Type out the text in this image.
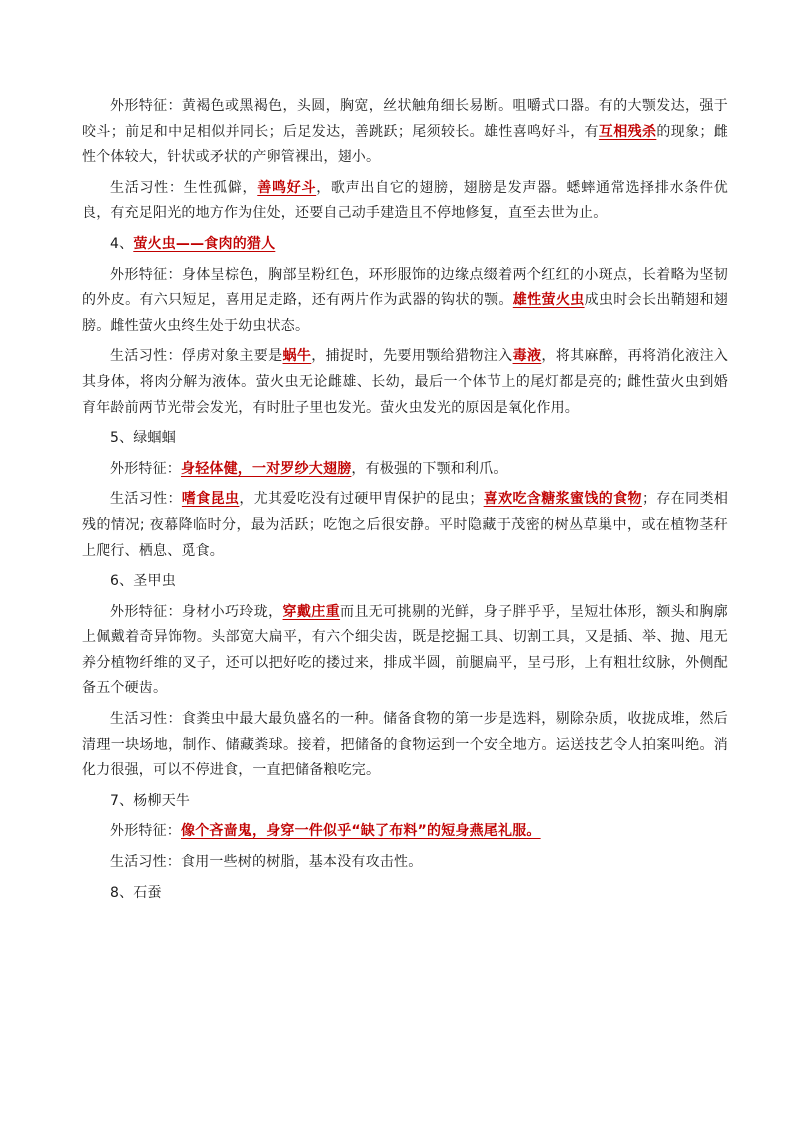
外形特征：黄褐色或黑褐色，头圆，胸宽，丝状触角细长易断。咀嚼式口器。有的大颚发达，强于咬斗；前足和中足相似并同长；后足发达，善跳跃；尾须较长。雄性喜鸣好斗，有互相残杀的现象；雌性个体较大，针状或矛状的产卵管裸出，翅小。

生活习性：生性孤僻，善鸣好斗，歌声出自它的翅膀，翅膀是发声器。蟋蟀通常选择排水条件优良，有充足阳光的地方作为住处，还要自己动手建造且不停地修复，直至去世为止。

4、萤火虫——食肉的猎人

外形特征：身体呈棕色，胸部呈粉红色，环形服饰的边缘点缀着两个红红的小斑点，长着略为坚韧的外皮。有六只短足，喜用足走路，还有两片作为武器的钩状的颚。雄性萤火虫成虫时会长出鞘翅和翅膀。雌性萤火虫终生处于幼虫状态。

生活习性：俘虏对象主要是蜗牛，捕捉时，先要用颚给猎物注入毒液，将其麻醉，再将消化液注入其身体，将肉分解为液体。萤火虫无论雌雄、长幼，最后一个体节上的尾灯都是亮的; 雌性萤火虫到婚育年龄前两节光带会发光，有时肚子里也发光。萤火虫发光的原因是氧化作用。

5、绿蝈蝈

外形特征：身轻体健，一对罗纱大翅膀，有极强的下颚和利爪。

生活习性：嗜食昆虫，尤其爱吃没有过硬甲胄保护的昆虫；喜欢吃含糖浆蜜饯的食物；存在同类相残的情况; 夜幕降临时分，最为活跃；吃饱之后很安静。平时隐藏于茂密的树丛草巢中，或在植物茎秆上爬行、栖息、觅食。

6、圣甲虫

外形特征：身材小巧玲珑，穿戴庄重而且无可挑剔的光鲜，身子胖乎乎，呈短壮体形，额头和胸廓上佩戴着奇异饰物。头部宽大扁平，有六个细尖齿，既是挖掘工具、切割工具，又是插、举、抛、甩无养分植物纤维的叉子，还可以把好吃的搂过来，排成半圆，前腿扁平，呈弓形，上有粗壮纹脉，外侧配备五个硬齿。

生活习性：食粪虫中最大最负盛名的一种。储备食物的第一步是选料，剔除杂质，收拢成堆，然后清理一块场地，制作、储藏粪球。接着，把储备的食物运到一个安全地方。运送技艺令人拍案叫绝。消化力很强，可以不停进食，一直把储备粮吃完。

7、杨柳天牛

外形特征：像个吝啬鬼，身穿一件似乎“缺了布料”的短身燕尾礼服。

生活习性：食用一些树的树脂，基本没有攻击性。

8、石蚕
